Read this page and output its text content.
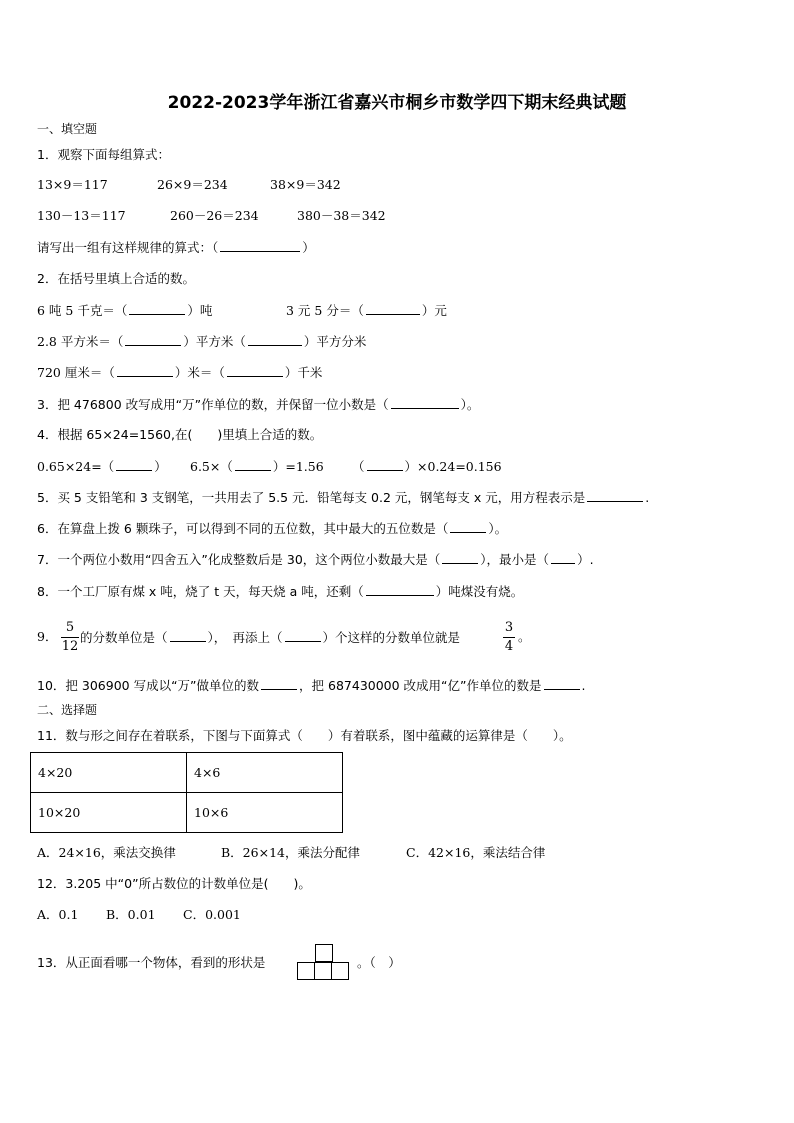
2022-2023学年浙江省嘉兴市桐乡市数学四下期末经典试题
一、填空题
1．观察下面每组算式：
13×9＝117	26×9＝234	38×9＝342
130－13＝117	260－26＝234	380－38＝342
请写出一组有这样规律的算式：（	）
2．在括号里填上合适的数。
6 吨 5 千克＝（	）吨	3 元 5 分＝（	）元
2.8 平方米＝（	）平方米（	）平方分米
720 厘米＝（	）米＝（	）千米
3．把 476800 改写成用“万”作单位的数，并保留一位小数是（	）。
4．根据 65×24=1560,在(　　)里填上合适的数。
0.65×24=（	） 6.5×（	）=1.56 （	）×0.24=0.156
5．买 5 支铅笔和 3 支钢笔，一共用去了 5.5 元．铅笔每支 0.2 元，钢笔每支 x 元，用方程表示是	.
6．在算盘上拨 6 颗珠子，可以得到不同的五位数，其中最大的五位数是（	）。
7．一个两位小数用“四舍五入”化成整数后是 30，这个两位小数最大是（	），最小是（ ）.
8．一个工厂原有煤 x 吨，烧了 t 天，每天烧 a 吨，还剩（	）吨煤没有烧。
9．
5
12
的分数单位是（	），　再添上（	）个这样的分数单位就是
3
4
。
10．把 306900 写成以“万”做单位的数	，把 687430000 改成用“亿”作单位的数是	.
二、选择题
11．数与形之间存在着联系，下图与下面算式（　　）有着联系，图中蕴藏的运算律是（　　）。
4×20	4×6
10×20	10×6
A．24×16，乘法交换律	B．26×14，乘法分配律	C．42×16，乘法结合律
12．3.205 中“0”所占数位的计数单位是(　　)。
A．0.1 B．0.01 C．0.001
13．从正面看哪一个物体，看到的形状是	。（　）
